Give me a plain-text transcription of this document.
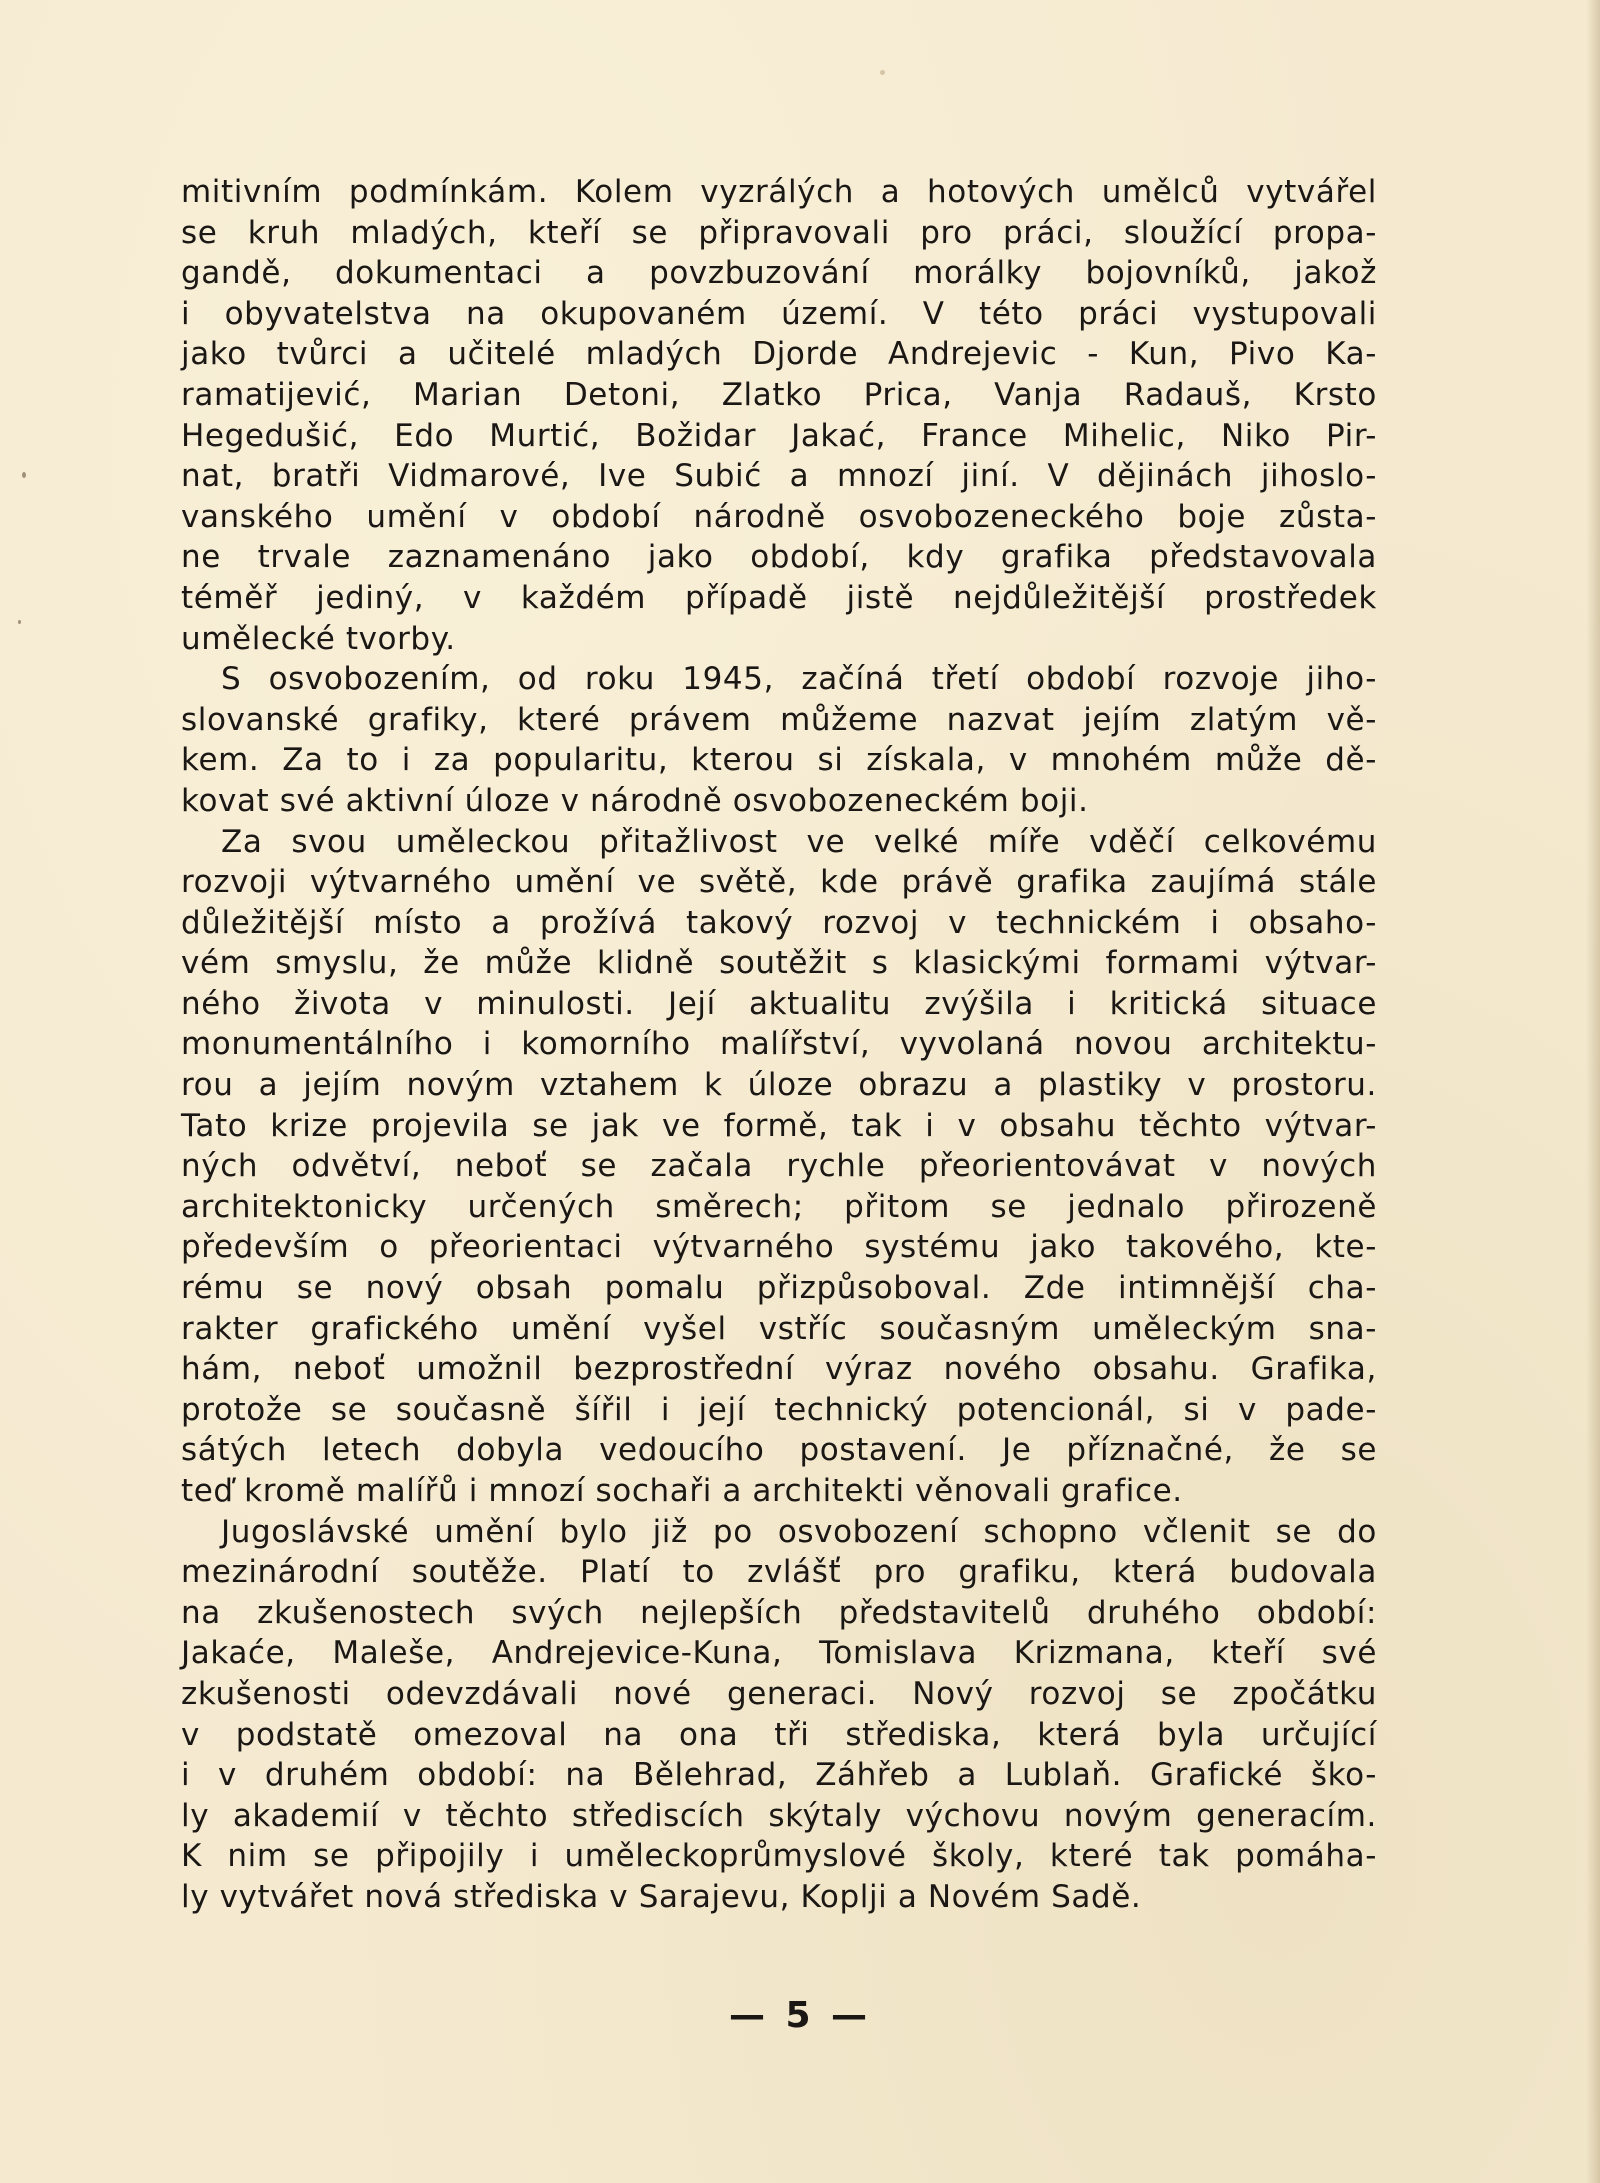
mitivním podmínkám. Kolem vyzrálých a hotových umělců vytvářel
se kruh mladých, kteří se připravovali pro práci, sloužící propa-
gandě, dokumentaci a povzbuzování morálky bojovníků, jakož
i obyvatelstva na okupovaném území. V této práci vystupovali
jako tvůrci a učitelé mladých Djorde Andrejevic - Kun, Pivo Ka-
ramatijević, Marian Detoni, Zlatko Prica, Vanja Radauš, Krsto
Hegedušić, Edo Murtić, Božidar Jakać, France Mihelic, Niko Pir-
nat, bratři Vidmarové, Ive Subić a mnozí jiní. V dějinách jihoslo-
vanského umění v období národně osvobozeneckého boje zůsta-
ne trvale zaznamenáno jako období, kdy grafika představovala
téměř jediný, v každém případě jistě nejdůležitější prostředek
umělecké tvorby.
S osvobozením, od roku 1945, začíná třetí období rozvoje jiho-
slovanské grafiky, které právem můžeme nazvat jejím zlatým vě-
kem. Za to i za popularitu, kterou si získala, v mnohém může dě-
kovat své aktivní úloze v národně osvobozeneckém boji.
Za svou uměleckou přitažlivost ve velké míře vděčí celkovému
rozvoji výtvarného umění ve světě, kde právě grafika zaujímá stále
důležitější místo a prožívá takový rozvoj v technickém i obsaho-
vém smyslu, že může klidně soutěžit s klasickými formami výtvar-
ného života v minulosti. Její aktualitu zvýšila i kritická situace
monumentálního i komorního malířství, vyvolaná novou architektu-
rou a jejím novým vztahem k úloze obrazu a plastiky v prostoru.
Tato krize projevila se jak ve formě, tak i v obsahu těchto výtvar-
ných odvětví, neboť se začala rychle přeorientovávat v nových
architektonicky určených směrech; přitom se jednalo přirozeně
především o přeorientaci výtvarného systému jako takového, kte-
rému se nový obsah pomalu přizpůsoboval. Zde intimnější cha-
rakter grafického umění vyšel vstříc současným uměleckým sna-
hám, neboť umožnil bezprostřední výraz nového obsahu. Grafika,
protože se současně šířil i její technický potencionál, si v pade-
sátých letech dobyla vedoucího postavení. Je příznačné, že se
teď kromě malířů i mnozí sochaři a architekti věnovali grafice.
Jugoslávské umění bylo již po osvobození schopno včlenit se do
mezinárodní soutěže. Platí to zvlášť pro grafiku, která budovala
na zkušenostech svých nejlepších představitelů druhého období:
Jakaće, Maleše, Andrejevice-Kuna, Tomislava Krizmana, kteří své
zkušenosti odevzdávali nové generaci. Nový rozvoj se zpočátku
v podstatě omezoval na ona tři střediska, která byla určující
i v druhém období: na Bělehrad, Záhřeb a Lublaň. Grafické ško-
ly akademií v těchto střediscích skýtaly výchovu novým generacím.
K nim se připojily i uměleckoprůmyslové školy, které tak pomáha-
ly vytvářet nová střediska v Sarajevu, Koplji a Novém Sadě.
— 5 —
